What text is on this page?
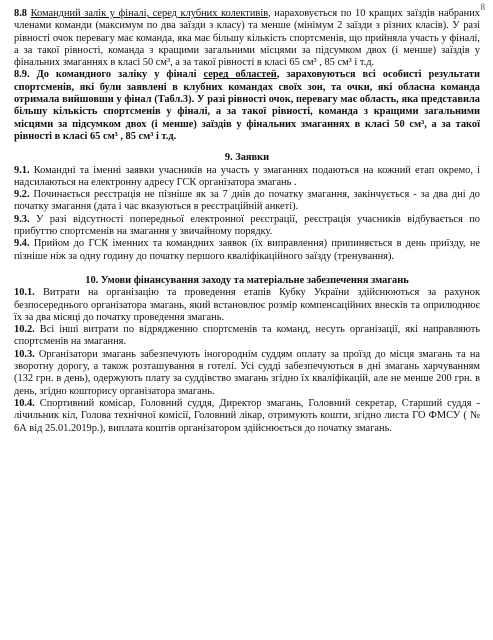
8

8.8 Командний залік у фіналі, серед клубних колективів, нараховується по 10 кращих заїздів набраних членами команди (максимум по два заїзди з класу) та менше (мінімум 2 заїзди з різних класів). У разі рівності очок перевагу має команда, яка має більшу кількість спортсменів, що прийняла участь у фіналі, а за такої рівності, команда з кращими загальними місцями за підсумком двох (і менше) заїздів у фінальних змаганнях в класі 50 см³, а за такої рівності в класі 65 см³ , 85 см³ і т.д.

8.9. До командного заліку у фіналі серед областей, зараховуються всі особисті результати спортсменів, які були заявлені в клубних командах своїх зон, та очки, які обласна команда отримала вийшовши у фінал (Табл.3). У разі рівності очок, перевагу має область, яка представила більшу кількість спортсменів у фіналі, а за такої рівності, команда з кращими загальними місцями за підсумком двох (і менше) заїздів у фінальних змаганнях в класі 50 см³, а за такої рівності в класі 65 см³ , 85 см³ і т.д.

9. Заявки

9.1. Командні та іменні заявки учасників на участь у змаганнях подаються на кожний етап окремо, і надсилаються на електронну адресу ГСК організатора змагань .

9.2. Починається реєстрація не пізніше як за 7 днів до початку змагання, закінчується - за два дні до початку змагання (дата і час вказуються в реєстраційній анкеті).

9.3. У разі відсутності попередньої електронної реєстрації, реєстрація учасників відбувається по прибуттю спортсменів на змагання у звичайному порядку.

9.4. Прийом до ГСК іменних та командних заявок (їх виправлення) припиняється в день приїзду, не пізніше ніж за одну годину до початку першого кваліфікаційного заїзду (тренування).

10. Умови фінансування заходу та матеріальне забезпечення змагань

10.1. Витрати на організацію та проведення етапів Кубку України здійснюються за рахунок безпосереднього організатора змагань, який встановлює розмір компенсаційних внесків та оприлюднює їх за два місяці до початку проведення змагань.

10.2. Всі інші витрати по відрядженню спортсменів та команд, несуть організації, які направляють спортсменів на змагання.

10.3. Організатори змагань забезпечують іногороднім суддям оплату за проїзд до місця змагань та на зворотну дорогу, а також розташування в готелі. Усі судді забезпечуються в дні змагань харчуванням (132 грн. в день), одержують плату за суддівство змагань згідно їх кваліфікацій, але не менше 200 грн. в день, згідно кошторису організатора змагань.

10.4. Спортивний комісар, Головний суддя, Директор змагань, Головний секретар, Старший суддя - лічильник кіл, Голова технічної комісії, Головний лікар, отримують кошти, згідно листа ГО ФМСУ ( № 6А від 25.01.2019р.), виплата коштів організатором здійснюється до початку змагань.
